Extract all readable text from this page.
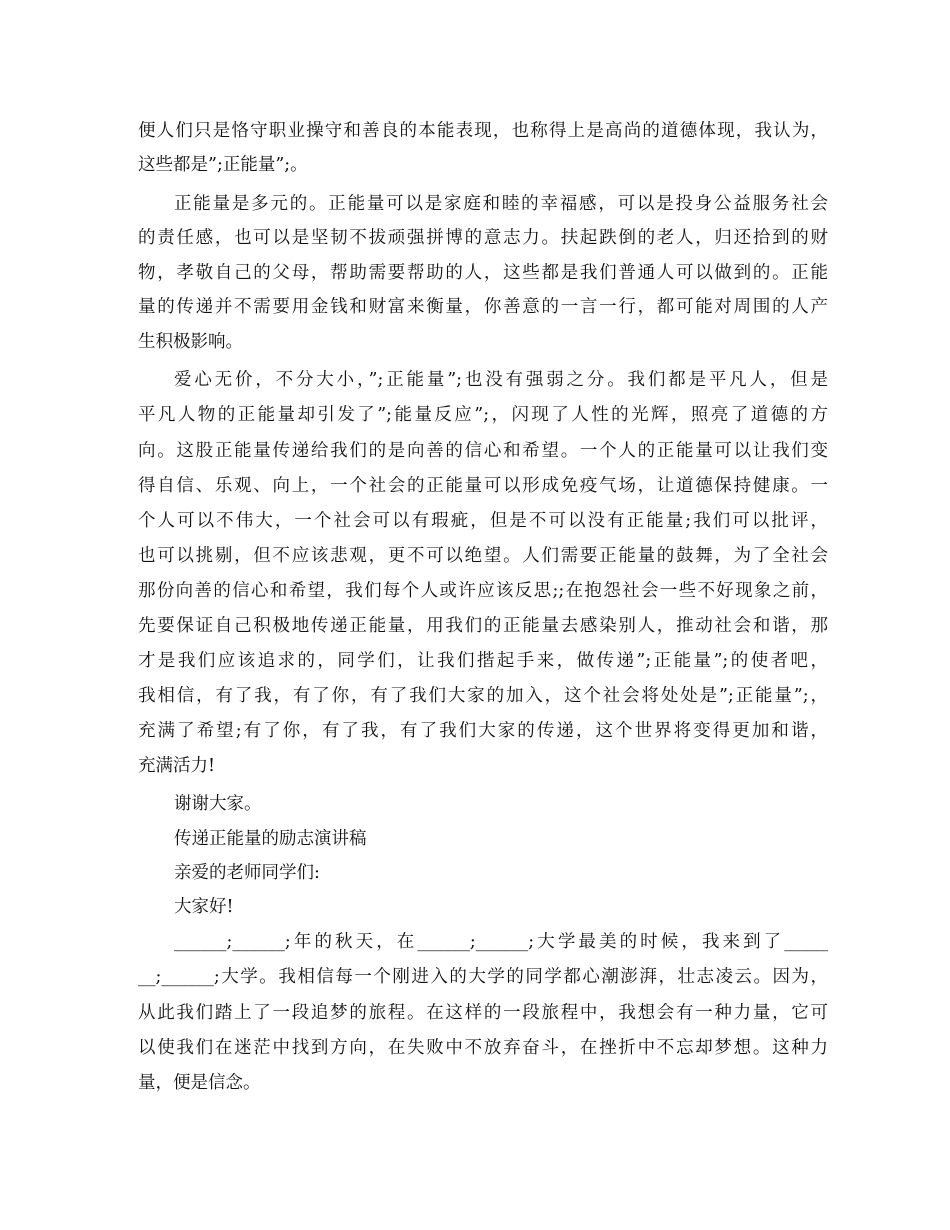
便人们只是恪守职业操守和善良的本能表现，也称得上是高尚的道德体现，我认为，
这些都是”;正能量”;。
正能量是多元的。正能量可以是家庭和睦的幸福感，可以是投身公益服务社会
的责任感，也可以是坚韧不拔顽强拼博的意志力。扶起跌倒的老人，归还拾到的财
物，孝敬自己的父母，帮助需要帮助的人，这些都是我们普通人可以做到的。正能
量的传递并不需要用金钱和财富来衡量，你善意的一言一行，都可能对周围的人产
生积极影响。
爱心无价，不分大小，”;正能量”;也没有强弱之分。我们都是平凡人，但是
平凡人物的正能量却引发了”;能量反应”;，闪现了人性的光辉，照亮了道德的方
向。这股正能量传递给我们的是向善的信心和希望。一个人的正能量可以让我们变
得自信、乐观、向上，一个社会的正能量可以形成免疫气场，让道德保持健康。一
个人可以不伟大，一个社会可以有瑕疵，但是不可以没有正能量;我们可以批评，
也可以挑剔，但不应该悲观，更不可以绝望。人们需要正能量的鼓舞，为了全社会
那份向善的信心和希望，我们每个人或许应该反思;;在抱怨社会一些不好现象之前，
先要保证自己积极地传递正能量，用我们的正能量去感染别人，推动社会和谐，那
才是我们应该追求的，同学们，让我们揩起手来，做传递”;正能量”;的使者吧，
我相信，有了我，有了你，有了我们大家的加入，这个社会将处处是”;正能量”;，
充满了希望;有了你，有了我，有了我们大家的传递，这个世界将变得更加和谐，
充满活力!
谢谢大家。
传递正能量的励志演讲稿
亲爱的老师同学们:
大家好!
______;______;年的秋天，在______;______;大学最美的时候，我来到了_____
__;______;大学。我相信每一个刚进入的大学的同学都心潮澎湃，壮志凌云。因为，
从此我们踏上了一段追梦的旅程。在这样的一段旅程中，我想会有一种力量，它可
以使我们在迷茫中找到方向，在失败中不放弃奋斗，在挫折中不忘却梦想。这种力
量，便是信念。
